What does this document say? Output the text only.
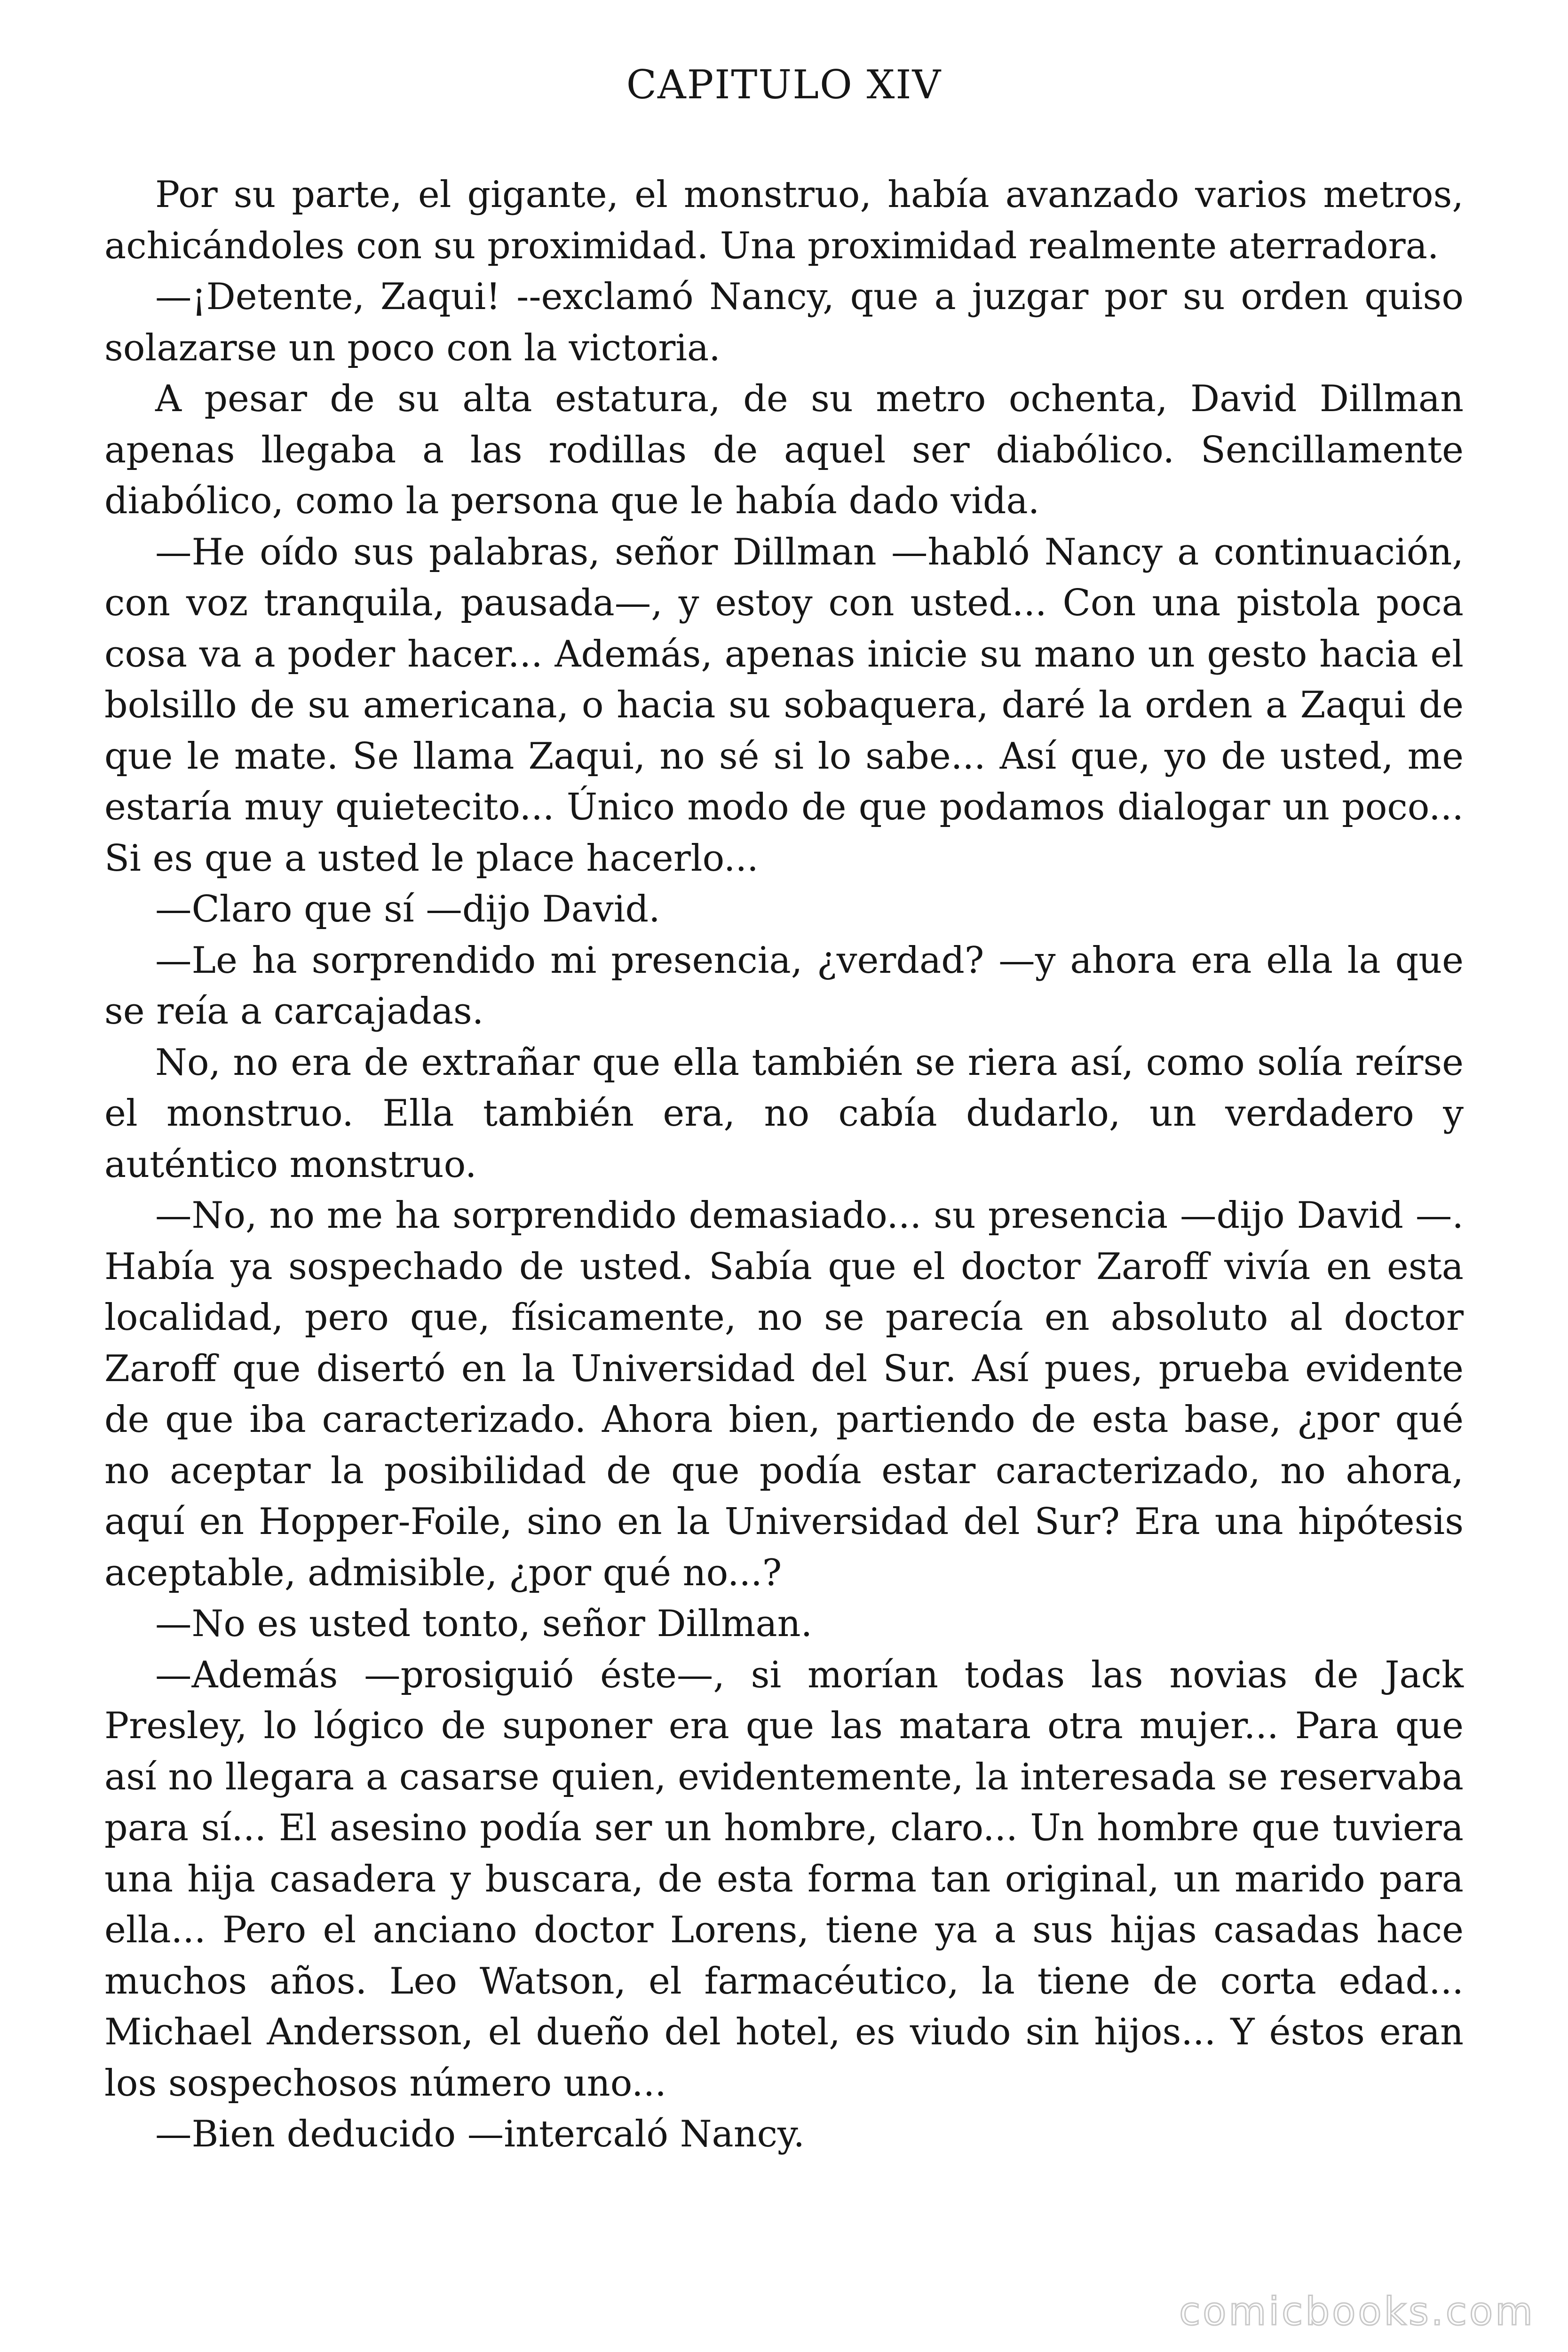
CAPITULO XIV

Por su parte, el gigante, el monstruo, había avanzado varios metros, achicándoles con su proximidad. Una proximidad realmente aterradora.

—¡Detente, Zaqui! --exclamó Nancy, que a juzgar por su orden quiso solazarse un poco con la victoria.

A pesar de su alta estatura, de su metro ochenta, David Dillman apenas llegaba a las rodillas de aquel ser diabólico. Sencillamente diabólico, como la persona que le había dado vida.

—He oído sus palabras, señor Dillman —habló Nancy a continuación, con voz tranquila, pausada—, y estoy con usted... Con una pistola poca cosa va a poder hacer... Además, apenas inicie su mano un gesto hacia el bolsillo de su americana, o hacia su sobaquera, daré la orden a Zaqui de que le mate. Se llama Zaqui, no sé si lo sabe... Así que, yo de usted, me estaría muy quietecito... Único modo de que podamos dialogar un poco... Si es que a usted le place hacerlo...

—Claro que sí —dijo David.

—Le ha sorprendido mi presencia, ¿verdad? —y ahora era ella la que se reía a carcajadas.

No, no era de extrañar que ella también se riera así, como solía reírse el monstruo. Ella también era, no cabía dudarlo, un verdadero y auténtico monstruo.

—No, no me ha sorprendido demasiado... su presencia —dijo David —. Había ya sospechado de usted. Sabía que el doctor Zaroff vivía en esta localidad, pero que, físicamente, no se parecía en absoluto al doctor Zaroff que disertó en la Universidad del Sur. Así pues, prueba evidente de que iba caracterizado. Ahora bien, partiendo de esta base, ¿por qué no aceptar la posibilidad de que podía estar caracterizado, no ahora, aquí en Hopper-Foile, sino en la Universidad del Sur? Era una hipótesis aceptable, admisible, ¿por qué no...?

—No es usted tonto, señor Dillman.

—Además —prosiguió éste—, si morían todas las novias de Jack Presley, lo lógico de suponer era que las matara otra mujer... Para que así no llegara a casarse quien, evidentemente, la interesada se reservaba para sí... El asesino podía ser un hombre, claro... Un hombre que tuviera una hija casadera y buscara, de esta forma tan original, un marido para ella... Pero el anciano doctor Lorens, tiene ya a sus hijas casadas hace muchos años. Leo Watson, el farmacéutico, la tiene de corta edad... Michael Andersson, el dueño del hotel, es viudo sin hijos... Y éstos eran los sospechosos número uno...

—Bien deducido —intercaló Nancy.

comicbooks.com
